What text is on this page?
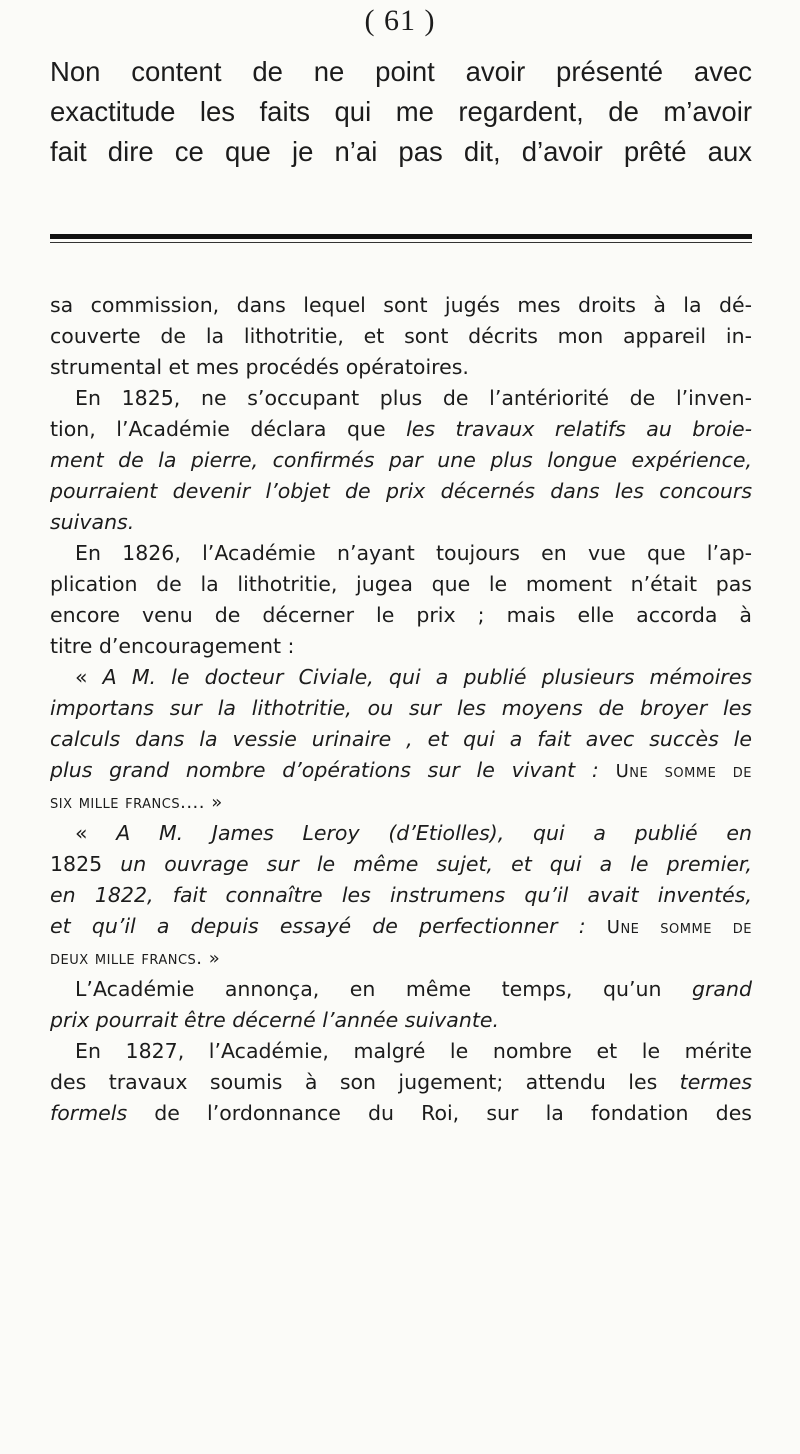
( 61 )
Non content de ne point avoir présenté avec
exactitude les faits qui me regardent, de m’avoir
fait dire ce que je n’ai pas dit, d’avoir prêté aux

sa commission, dans lequel sont jugés mes droits à la dé-
couverte de la lithotritie, et sont décrits mon appareil in-
strumental et mes procédés opératoires.

En 1825, ne s’occupant plus de l’antériorité de l’inven-
tion, l’Académie déclara que les travaux relatifs au broie-
ment de la pierre, confirmés par une plus longue expérience,
pourraient devenir l’objet de prix décernés dans les concours
suivans.

En 1826, l’Académie n’ayant toujours en vue que l’ap-
plication de la lithotritie, jugea que le moment n’était pas
encore venu de décerner le prix ; mais elle accorda à
titre d’encouragement :

« A M. le docteur Civiale, qui a publié plusieurs mémoires
importans sur la lithotritie, ou sur les moyens de broyer les
calculs dans la vessie urinaire , et qui a fait avec succès le
plus grand nombre d’opérations sur le vivant : Une somme de
six mille francs.... »

« A M. James Leroy (d’Etiolles), qui a publié en
1825 un ouvrage sur le même sujet, et qui a le premier,
en 1822, fait connaître les instrumens qu’il avait inventés,
et qu’il a depuis essayé de perfectionner : Une somme de
deux mille francs. »

L’Académie annonça, en même temps, qu’un grand
prix pourrait être décerné l’année suivante.

En 1827, l’Académie, malgré le nombre et le mérite
des travaux soumis à son jugement; attendu les termes
formels de l’ordonnance du Roi, sur la fondation des
